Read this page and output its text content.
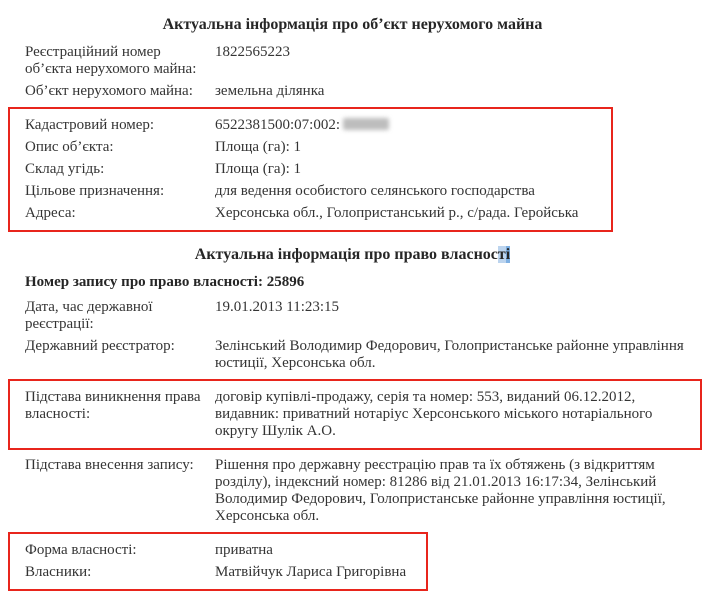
Актуальна інформація про об’єкт нерухомого майна
Реєстраційний номер об’єкта нерухомого майна:
1822565223
Об’єкт нерухомого майна:	земельна ділянка
Кадастровий номер:	6522381500:07:002:
Опис об’єкта:	Площа (га): 1
Склад угідь:	Площа (га): 1
Цільове призначення:	для ведення особистого селянського господарства
Адреса:	Херсонська обл., Голопристанський р., с/рада. Геройська
Актуальна інформація про право власності
Номер запису про право власності: 25896
Дата, час державної реєстрації:
19.01.2013 11:23:15
Державний реєстратор:	Зелінський Володимир Федорович, Голопристанське районне управління юстиції, Херсонська обл.
Підстава виникнення права власності:
договір купівлі-продажу, серія та номер: 553, виданий 06.12.2012, видавник: приватний нотаріус Херсонського міського нотаріального округу Шулік А.О.
Підстава внесення запису:	Рішення про державну реєстрацію прав та їх обтяжень (з відкриттям розділу), індексний номер: 81286 від 21.01.2013 16:17:34, Зелінський Володимир Федорович, Голопристанське районне управління юстиції, Херсонська обл.
Форма власності:	приватна
Власники:	Матвійчук Лариса Григорівна
